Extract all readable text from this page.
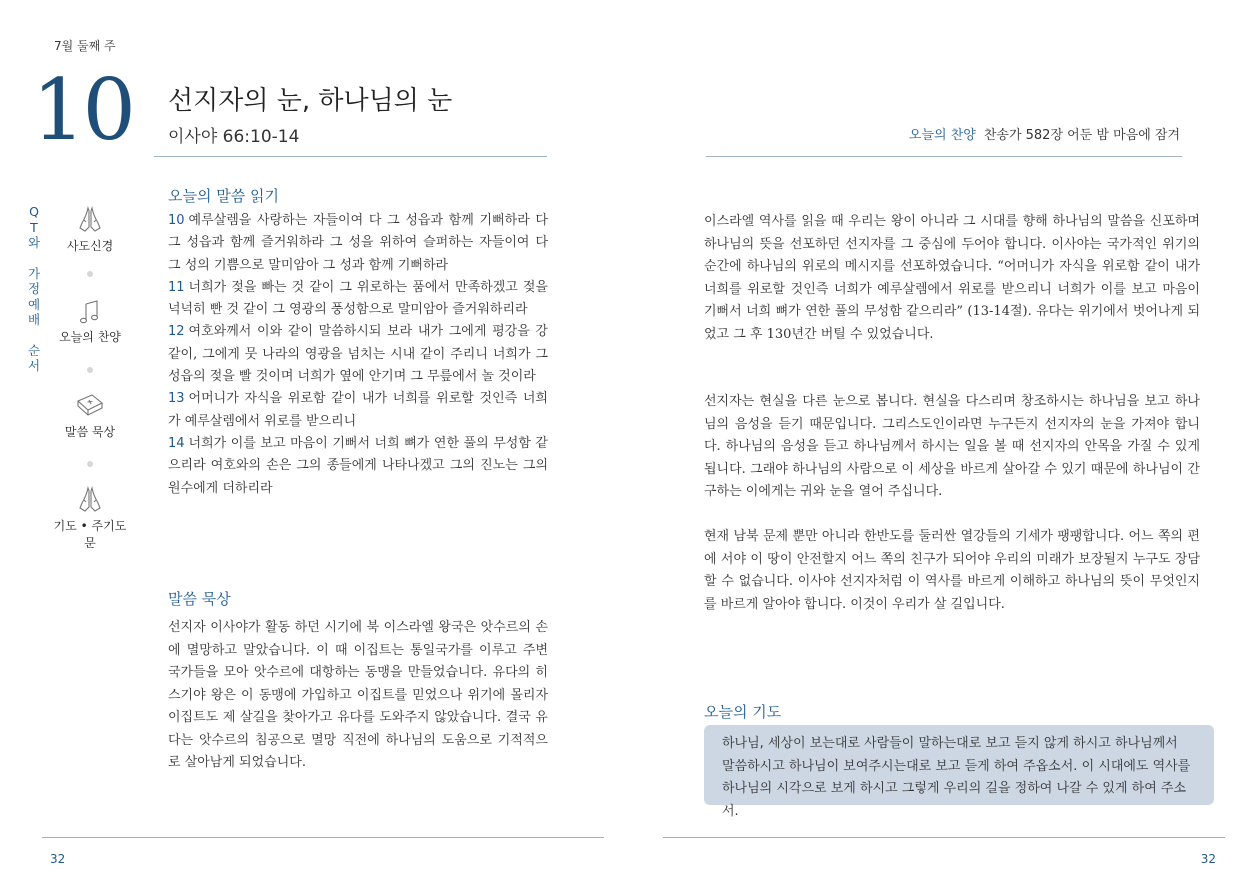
7월 둘째 주
10 선지자의 눈, 하나님의 눈
이사야 66:10-14	오늘의 찬양 찬송가 582장 어둔 밤 마음에 잠겨
Q
T
와
가
정
예
배
순
서
사도신경
오늘의 찬양
말씀 묵상
기도 • 주기도문
오늘의 말씀 읽기

10 예루살렘을 사랑하는 자들이여 다 그 성읍과 함께 기뻐하라 다 그 성읍과 함께 즐거워하라 그 성을 위하여 슬퍼하는 자들이여 다 그 성의 기쁨으로 말미암아 그 성과 함께 기뻐하라

11 너희가 젖을 빠는 것 같이 그 위로하는 품에서 만족하겠고 젖을 넉넉히 빤 것 같이 그 영광의 풍성함으로 말미암아 즐거워하리라

12 여호와께서 이와 같이 말씀하시되 보라 내가 그에게 평강을 강 같이, 그에게 뭇 나라의 영광을 넘치는 시내 같이 주리니 너희가 그 성읍의 젖을 빨 것이며 너희가 옆에 안기며 그 무릎에서 놀 것이라

13 어머니가 자식을 위로함 같이 내가 너희를 위로할 것인즉 너희가 예루살렘에서 위로를 받으리니

14 너희가 이를 보고 마음이 기뻐서 너희 뼈가 연한 풀의 무성함 같으리라 여호와의 손은 그의 종들에게 나타나겠고 그의 진노는 그의 원수에게 더하리라

말씀 묵상
선지자 이사야가 활동 하던 시기에 북 이스라엘 왕국은 앗수르의 손에 멸망하고 말았습니다. 이 때 이집트는 통일국가를 이루고 주변 국가들을 모아 앗수르에 대항하는 동맹을 만들었습니다. 유다의 히스기야 왕은 이 동맹에 가입하고 이집트를 믿었으나 위기에 몰리자 이집트도 제 살길을 찾아가고 유다를 도와주지 않았습니다. 결국 유다는 앗수르의 침공으로 멸망 직전에 하나님의 도움으로 기적적으로 살아남게 되었습니다.
이스라엘 역사를 읽을 때 우리는 왕이 아니라 그 시대를 향해 하나님의 말씀을 신포하며 하나님의 뜻을 선포하던 선지자를 그 중심에 두어야 합니다. 이사야는 국가적인 위기의 순간에 하나님의 위로의 메시지를 선포하였습니다. “어머니가 자식을 위로함 같이 내가 너희를 위로할 것인즉 너희가 예루살렘에서 위로를 받으리니 너희가 이를 보고 마음이 기뻐서 너희 뼈가 연한 풀의 무성함 같으리라” (13-14절). 유다는 위기에서 벗어나게 되었고 그 후 130년간 버틸 수 있었습니다.
선지자는 현실을 다른 눈으로 봅니다. 현실을 다스리며 창조하시는 하나님을 보고 하나님의 음성을 듣기 때문입니다. 그리스도인이라면 누구든지 선지자의 눈을 가져야 합니다. 하나님의 음성을 듣고 하나님께서 하시는 일을 볼 때 선지자의 안목을 가질 수 있게 됩니다. 그래야 하나님의 사람으로 이 세상을 바르게 살아갈 수 있기 때문에 하나님이 간구하는 이에게는 귀와 눈을 열어 주십니다.
현재 남북 문제 뿐만 아니라 한반도를 둘러싼 열강들의 기세가 팽팽합니다. 어느 쪽의 편에 서야 이 땅이 안전할지 어느 쪽의 친구가 되어야 우리의 미래가 보장될지 누구도 장담할 수 없습니다. 이사야 선지자처럼 이 역사를 바르게 이해하고 하나님의 뜻이 무엇인지를 바르게 알아야 합니다. 이것이 우리가 살 길입니다.
오늘의 기도
하나님, 세상이 보는대로 사람들이 말하는대로 보고 듣지 않게 하시고 하나님께서
말씀하시고 하나님이 보여주시는대로 보고 듣게 하여 주옵소서. 이 시대에도 역사를
하나님의 시각으로 보게 하시고 그렇게 우리의 길을 정하여 나갈 수 있게 하여 주소서.
32	32
